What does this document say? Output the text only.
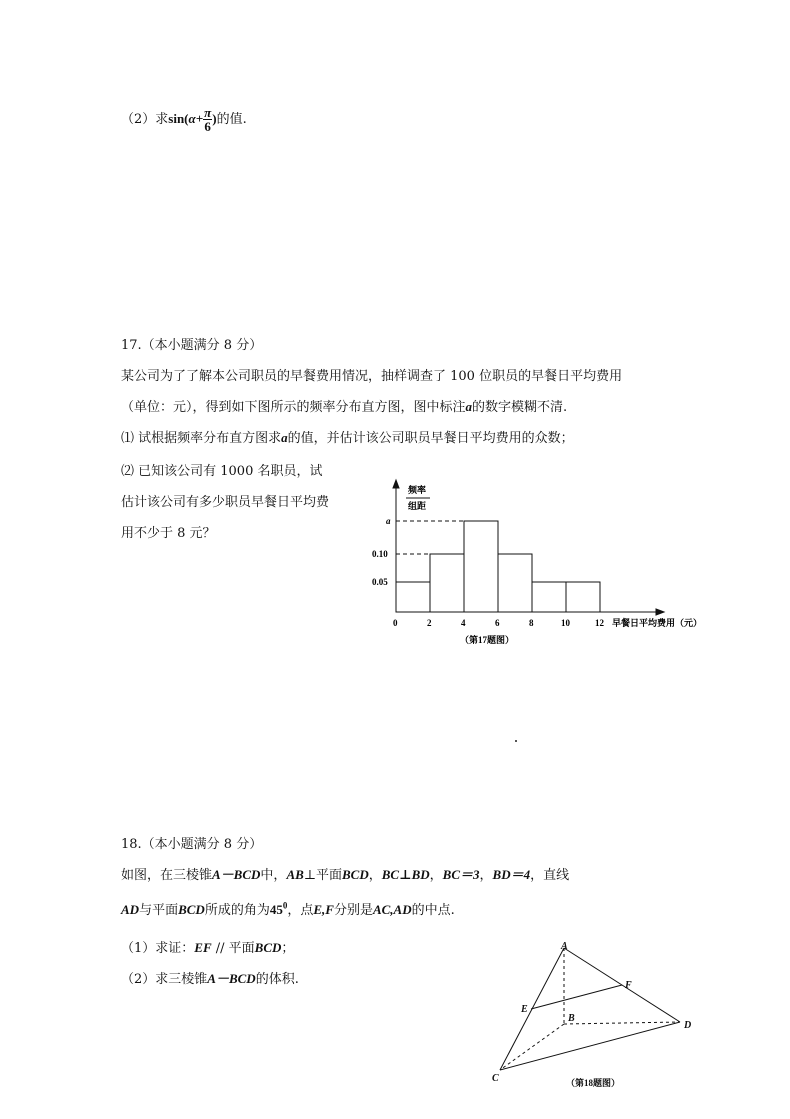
（2）求$\sin(\alpha+ \frac{\pi}{6}$ )的值.
17.（本小题满分 8 分）
某公司为了了解本公司职员的早餐费用情况，抽样调查了 100 位职员的早餐日平均费用
（单位：元），得到如下图所示的频率分布直方图，图中标注a的数字模糊不清.
⑴ 试根据频率分布直方图求a的值，并估计该公司职员早餐日平均费用的众数；
⑵ 已知该公司有 1000 名职员，试
估计该公司有多少职员早餐日平均费
用不少于 8 元？
0.05
0.10
a
0	2	4	6	8	10	12
频率
组距
早餐日平均费用（元）
（第17题图）
18.（本小题满分 8 分）
如图，在三棱锥A－BCD中，AB⊥平面BCD，BC⊥BD，BC＝3，BD＝4，直线
AD与平面BCD所成的角为$45^0$，点E,F分别是AC,AD的中点.
（1）求证：EF // 平面BCD；
（2）求三棱锥A－BCD的体积.
A
B
C
D
E
F
（第18题图）
